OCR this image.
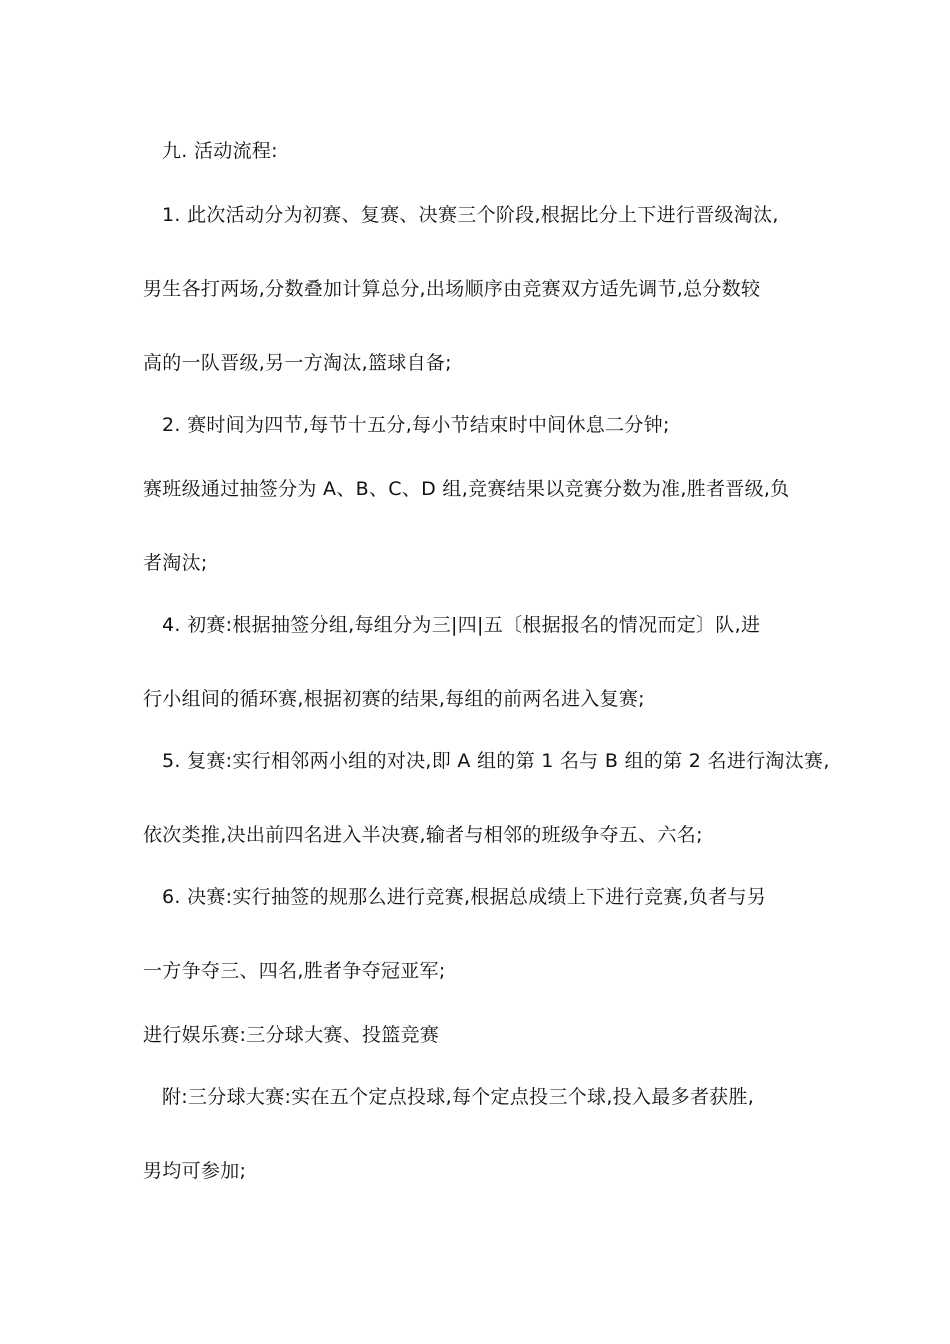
九. 活动流程:
1. 此次活动分为初赛、复赛、决赛三个阶段,根据比分上下进行晋级淘汰,
男生各打两场,分数叠加计算总分,出场顺序由竞赛双方适先调节,总分数较
高的一队晋级,另一方淘汰,篮球自备;
2. 赛时间为四节,每节十五分,每小节结束时中间休息二分钟;
赛班级通过抽签分为 A、B、C、D 组,竞赛结果以竞赛分数为准,胜者晋级,负
者淘汰;
4. 初赛:根据抽签分组,每组分为三|四|五〔根据报名的情况而定〕队,进
行小组间的循环赛,根据初赛的结果,每组的前两名进入复赛;
5. 复赛:实行相邻两小组的对决,即 A 组的第 1 名与 B 组的第 2 名进行淘汰赛,
依次类推,决出前四名进入半决赛,输者与相邻的班级争夺五、六名;
6. 决赛:实行抽签的规那么进行竞赛,根据总成绩上下进行竞赛,负者与另
一方争夺三、四名,胜者争夺冠亚军;
进行娱乐赛:三分球大赛、投篮竞赛
附:三分球大赛:实在五个定点投球,每个定点投三个球,投入最多者获胜,
男均可参加;
